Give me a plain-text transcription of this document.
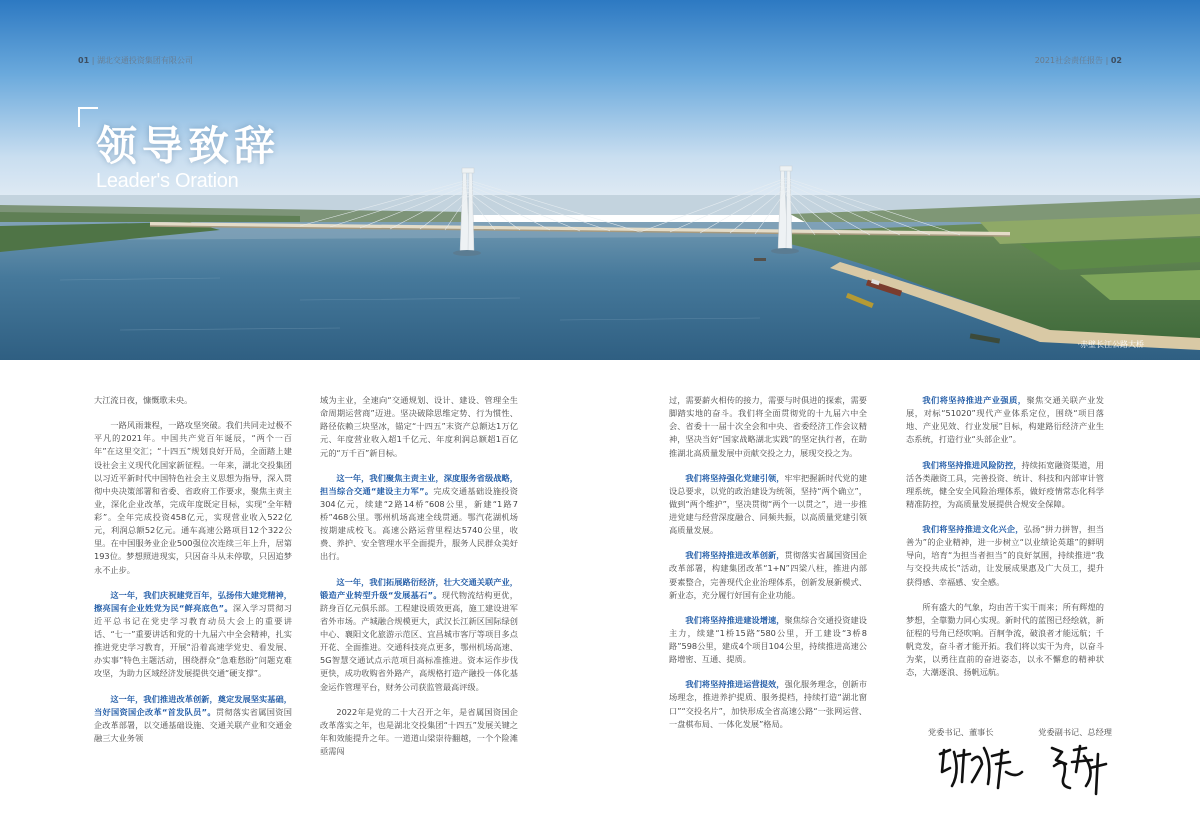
01 | 湖北交通投资集团有限公司	2021社会责任报告 | 02
领导致辞
Leader's Oration
·赤壁长江公路大桥

大江流日夜，慷慨歌未央。

一路风雨兼程，一路攻坚突破。我们共同走过极不平凡的2021年。中国共产党百年诞辰，“两个一百年”在这里交汇；“十四五”规划良好开局，全面踏上建设社会主义现代化国家新征程。一年来，湖北交投集团以习近平新时代中国特色社会主义思想为指导，深入贯彻中央决策部署和省委、省政府工作要求，聚焦主责主业，深化企业改革，完成年度既定目标，实现“全年精彩”。全年完成投资458亿元，实现营业收入522亿元，利润总额52亿元。通车高速公路项目12个322公里。在中国服务业企业500强位次连续三年上升，居第193位。梦想照进现实，只因奋斗从未停歇，只因追梦永不止步。

这一年，我们庆祝建党百年，弘扬伟大建党精神，擦亮国有企业姓党为民“鲜亮底色”。深入学习贯彻习近平总书记在党史学习教育动员大会上的重要讲话、“七一”重要讲话和党的十九届六中全会精神，扎实推进党史学习教育，开展“沿着高速学党史、看发展、办实事”特色主题活动，围绕群众“急难愁盼”问题克难攻坚，为助力区域经济发展提供交通“硬支撑”。

这一年，我们推进改革创新，奠定发展坚实基础，当好国资国企改革“首发队员”。贯彻落实省属国资国企改革部署，以交通基础设施、交通关联产业和交通金融三大业务领

域为主业，全速向“交通规划、设计、建设、管理全生命周期运营商”迈进。坚决破除思维定势、行为惯性、路径依赖三块坚冰，锚定“十四五”末资产总额达1万亿元、年度营业收入超1千亿元、年度利润总额超1百亿元的“万千百”新目标。

这一年，我们聚焦主责主业，深度服务省级战略，担当综合交通“建设主力军”。完成交通基础设施投资304亿元，续建“2路14桥”608公里，新建“1路7桥”468公里。鄂州机场高速全线贯通。鄂汽花湖机场按期建成校飞。高速公路运营里程达5740公里，收费、养护、安全管理水平全面提升，服务人民群众美好出行。

这一年，我们拓展路衍经济，壮大交通关联产业，锻造产业转型升级“发展基石”。现代物流结构更优，跻身百亿元俱乐部。工程建设质效更高，施工建设进军省外市场。产城融合规模更大，武汉长江新区国际绿创中心、襄阳文化旅游示范区、宜昌城市客厅等项目多点开花、全面推进。交通科技亮点更多，鄂州机场高速、5G智慧交通试点示范项目高标准推进。资本运作步伐更快，成功收购省外路产，高规格打造产融投一体化基金运作管理平台，财务公司获监管最高评级。

2022年是党的二十大召开之年，是省属国资国企改革落实之年，也是湖北交投集团“十四五”发展关键之年和效能提升之年。一道道山梁崇待翻越，一个个险滩亟需闯

过，需要薪火相传的接力，需要与时俱进的探索，需要脚踏实地的奋斗。我们将全面贯彻党的十九届六中全会、省委十一届十次全会和中央、省委经济工作会议精神，坚决当好“国家战略湖北实践”的坚定执行者，在助推湖北高质量发展中贡献交投之力，展现交投之为。

我们将坚持强化党建引领，牢牢把握新时代党的建设总要求，以党的政治建设为统领，坚持“两个确立”，做到“两个维护”，坚决贯彻“两个一以贯之”，进一步推进党建与经营深度融合、同频共振，以高质量党建引领高质量发展。

我们将坚持推进改革创新，贯彻落实省属国资国企改革部署，构建集团改革“1+N”四梁八柱，推进内部要素整合，完善现代企业治理体系，创新发展新模式、新业态，充分履行好国有企业功能。

我们将坚持推进建设增速，聚焦综合交通投资建设主力，续建“1桥15路”580公里，开工建设“3桥8路”598公里，建成4个项目104公里，持续推进高速公路增密、互通、提质。

我们将坚持推进运营提效，强化服务理念，创新市场理念，推进养护提质、服务提档，持续打造“湖北窗口”“交投名片”，加快形成全省高速公路“一张网运营、一盘棋布局、一体化发展”格局。

我们将坚持推进产业强质，聚焦交通关联产业发展，对标“51020”现代产业体系定位，围绕“项目落地、产业见效、行业发展”目标，构建路衍经济产业生态系统，打造行业“头部企业”。

我们将坚持推进风险防控，持续拓宽融资渠道，用活各类融资工具，完善投资、统计、科技和内部审计管理系统，健全安全风险治理体系，做好疫情常态化科学精准防控，为高质量发展提供合规安全保障。

我们将坚持推进文化兴企，弘扬“拼力拼智，担当善为”的企业精神，进一步树立“以业绩论英雄”的鲜明导向，培育“为担当者担当”的良好氛围，持续推进“我与交投共成长”活动，让发展成果惠及广大员工，提升获得感、幸福感、安全感。

所有盛大的气象，均由苦干实干而来；所有辉煌的梦想，全靠勠力同心实现。新时代的蓝图已经绘就，新征程的号角已经吹响。百舸争流，破浪者才能远航；千帆竞发，奋斗者才能开拓。我们将以实干为舟，以奋斗为桨，以勇往直前的奋进姿态，以永不懈怠的精神状态，大潮逐浪、扬帆远航。

党委书记、董事长	党委副书记、总经理
